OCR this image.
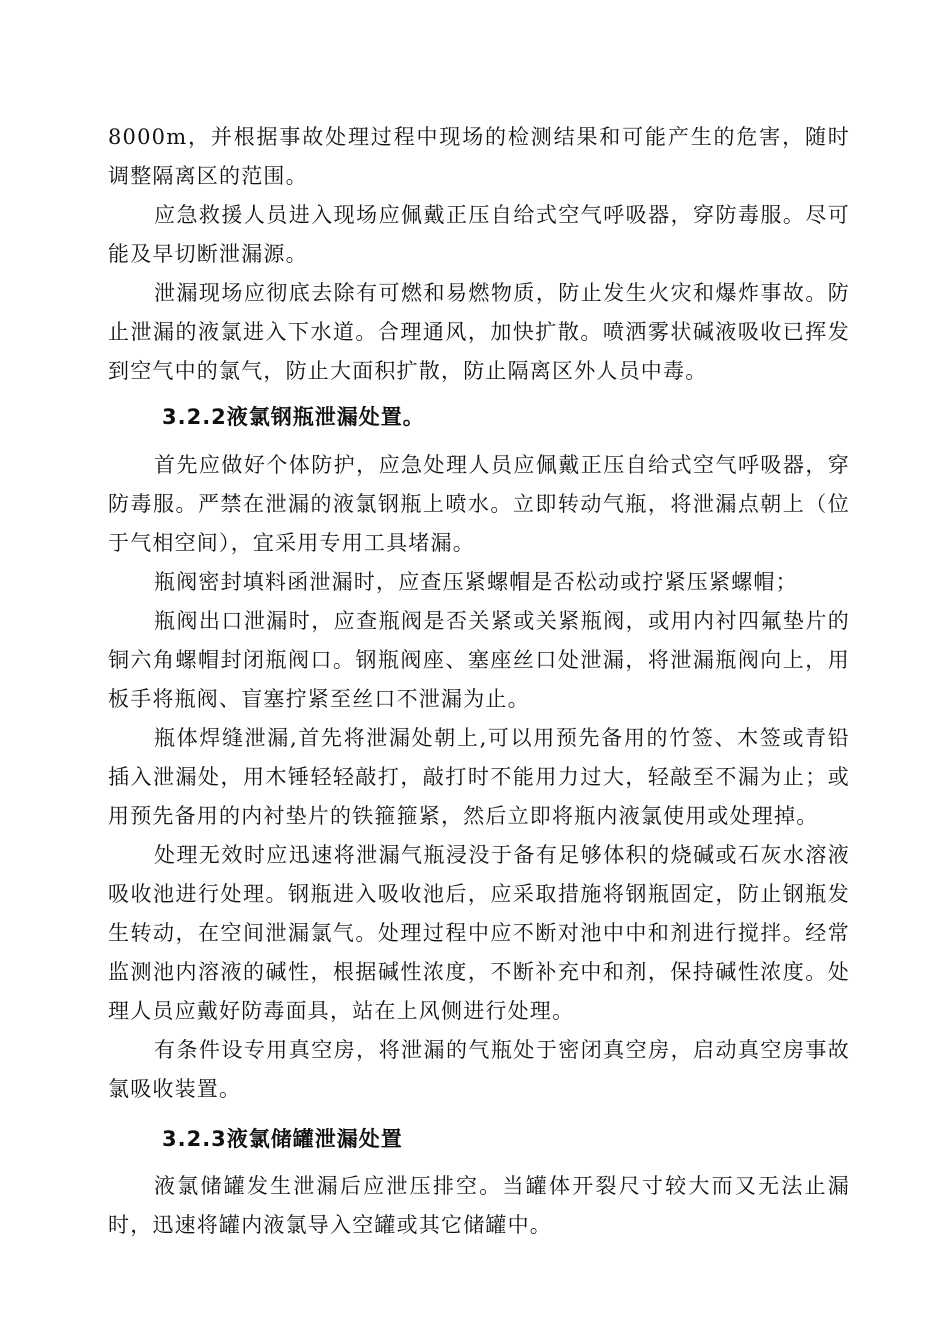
8000m，并根据事故处理过程中现场的检测结果和可能产生的危害，随时调整隔离区的范围。

应急救援人员进入现场应佩戴正压自给式空气呼吸器，穿防毒服。尽可能及早切断泄漏源。

泄漏现场应彻底去除有可燃和易燃物质，防止发生火灾和爆炸事故。防止泄漏的液氯进入下水道。合理通风，加快扩散。喷洒雾状碱液吸收已挥发到空气中的氯气，防止大面积扩散，防止隔离区外人员中毒。

3.2.2液氯钢瓶泄漏处置。

首先应做好个体防护，应急处理人员应佩戴正压自给式空气呼吸器，穿防毒服。严禁在泄漏的液氯钢瓶上喷水。立即转动气瓶，将泄漏点朝上（位于气相空间），宜采用专用工具堵漏。

瓶阀密封填料函泄漏时，应查压紧螺帽是否松动或拧紧压紧螺帽；

瓶阀出口泄漏时，应查瓶阀是否关紧或关紧瓶阀，或用内衬四氟垫片的铜六角螺帽封闭瓶阀口。钢瓶阀座、塞座丝口处泄漏，将泄漏瓶阀向上，用板手将瓶阀、盲塞拧紧至丝口不泄漏为止。

瓶体焊缝泄漏,首先将泄漏处朝上,可以用预先备用的竹签、木签或青铅插入泄漏处，用木锤轻轻敲打，敲打时不能用力过大，轻敲至不漏为止；或用预先备用的内衬垫片的铁箍箍紧，然后立即将瓶内液氯使用或处理掉。

处理无效时应迅速将泄漏气瓶浸没于备有足够体积的烧碱或石灰水溶液吸收池进行处理。钢瓶进入吸收池后，应采取措施将钢瓶固定，防止钢瓶发生转动，在空间泄漏氯气。处理过程中应不断对池中中和剂进行搅拌。经常监测池内溶液的碱性，根据碱性浓度，不断补充中和剂，保持碱性浓度。处理人员应戴好防毒面具，站在上风侧进行处理。

有条件设专用真空房，将泄漏的气瓶处于密闭真空房，启动真空房事故氯吸收装置。

3.2.3液氯储罐泄漏处置

液氯储罐发生泄漏后应泄压排空。当罐体开裂尺寸较大而又无法止漏时，迅速将罐内液氯导入空罐或其它储罐中。
